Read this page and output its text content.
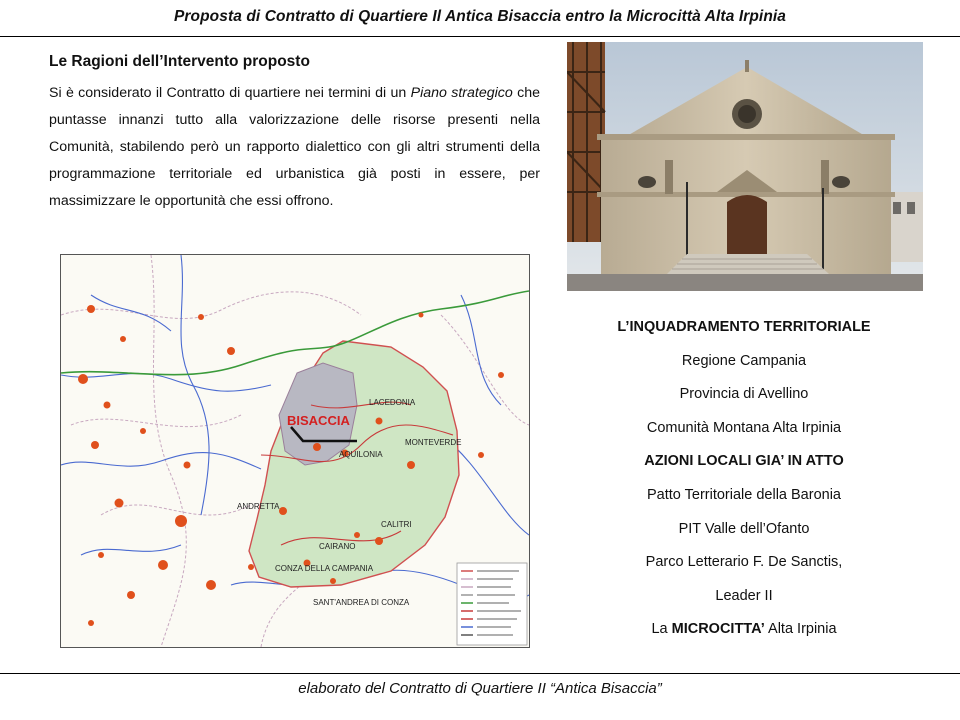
Proposta di Contratto di Quartiere Il Antica Bisaccia entro la Microcittà Alta Irpinia
Le Ragioni dell’Intervento proposto
Si è considerato il Contratto di quartiere nei termini di un Piano strategico che puntasse innanzi tutto alla valorizzazione delle risorse presenti nella Comunità, stabilendo però un rapporto dialettico con gli altri strumenti della programmazione territoriale ed urbanistica già posti in essere, per massimizzare le opportunità che essi offrono.
BISACCIA
LACEDONIA
MONTEVERDE
AQUILONIA
ANDRETTA
CALITRI
CAIRANO
CONZA DELLA CAMPANIA
SANT'ANDREA DI CONZA
L’INQUADRAMENTO TERRITORIALE
Regione Campania
Provincia di Avellino
Comunità Montana Alta Irpinia
AZIONI LOCALI GIA’ IN ATTO
Patto Territoriale della Baronia
PIT Valle dell’Ofanto
Parco Letterario F. De Sanctis,
Leader II
La MICROCITTA’ Alta Irpinia
elaborato del Contratto di Quartiere II “Antica Bisaccia”
